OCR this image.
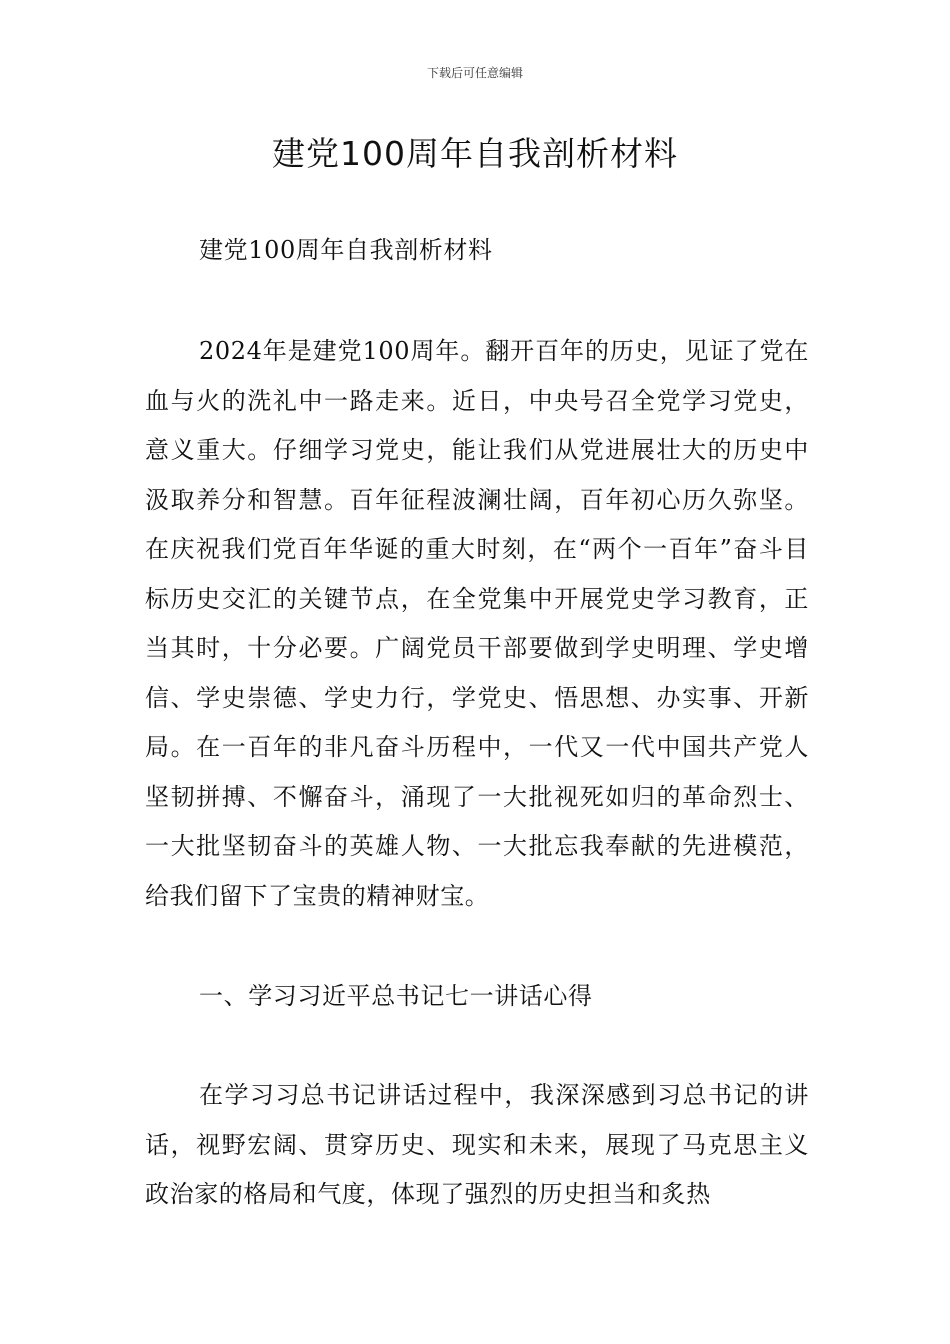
下载后可任意编辑
建党100周年自我剖析材料

建党100周年自我剖析材料

2024年是建党100周年。翻开百年的历史，见证了党在血与火的洗礼中一路走来。近日，中央号召全党学习党史，意义重大。仔细学习党史，能让我们从党进展壮大的历史中汲取养分和智慧。百年征程波澜壮阔，百年初心历久弥坚。在庆祝我们党百年华诞的重大时刻，在“两个一百年”奋斗目标历史交汇的关键节点，在全党集中开展党史学习教育，正当其时，十分必要。广阔党员干部要做到学史明理、学史增信、学史崇德、学史力行，学党史、悟思想、办实事、开新局。在一百年的非凡奋斗历程中，一代又一代中国共产党人坚韧拼搏、不懈奋斗，涌现了一大批视死如归的革命烈士、一大批坚韧奋斗的英雄人物、一大批忘我奉献的先进模范，给我们留下了宝贵的精神财宝。

一、学习习近平总书记七一讲话心得

在学习习总书记讲话过程中，我深深感到习总书记的讲话，视野宏阔、贯穿历史、现实和未来，展现了马克思主义政治家的格局和气度，体现了强烈的历史担当和炙热
